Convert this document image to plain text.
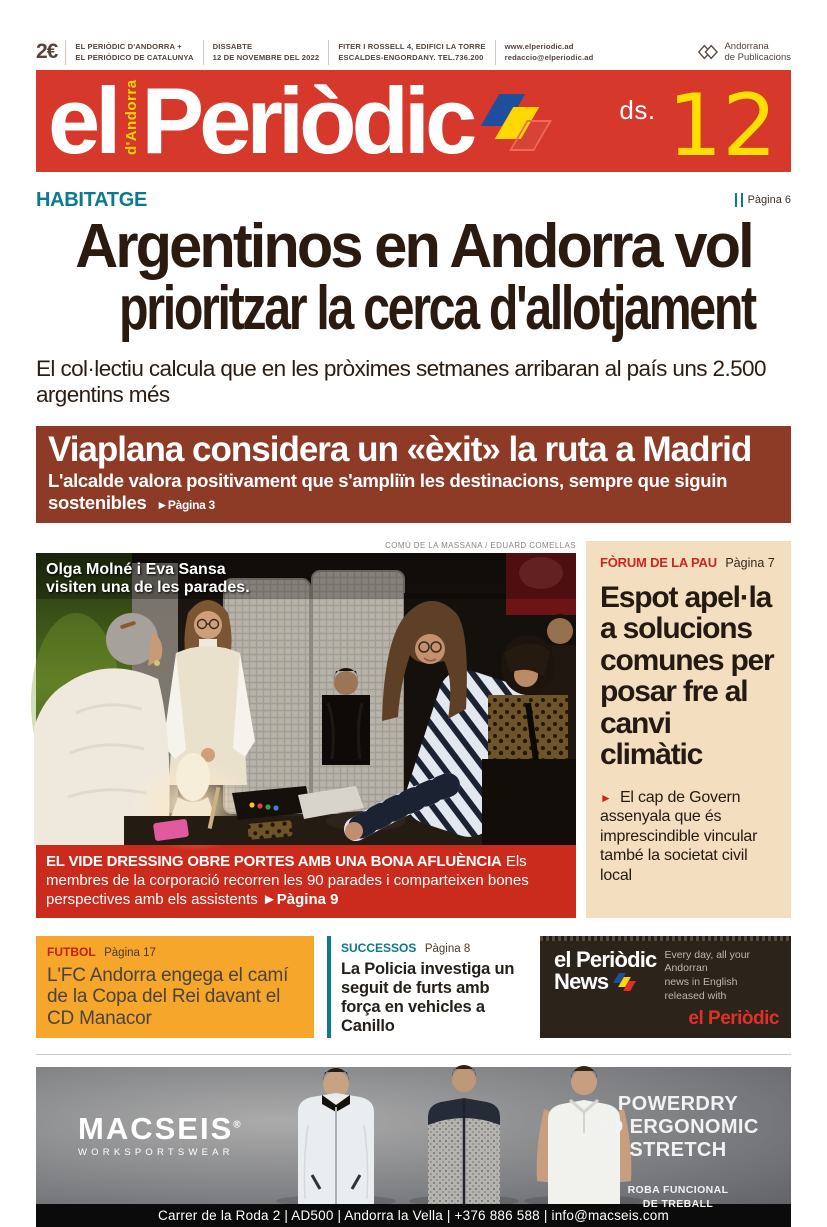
2€ EL PERIÒDIC D'ANDORRA +
EL PERIÓDICO DE CATALUNYA
DISSABTE
12 DE NOVEMBRE DEL 2022
FITER I ROSSELL 4, EDIFICI LA TORRE
ESCALDES-ENGORDANY. TEL.736.200
www.elperiodic.ad
redaccio@elperiodic.ad
Andorrana
de Publicacions
el d'Andorra Periòdic	ds. 12
HABITATGE	Pàgina 6
Argentinos en Andorra vol
prioritzar la cerca d'allotjament
El col·lectiu calcula que en les pròximes setmanes arribaran al país uns 2.500 argentins més
Viaplana considera un «èxit» la ruta a Madrid
L'alcalde valora positivament que s'ampliïn les destinacions, sempre que siguin sostenibles ►Pàgina 3
COMÚ DE LA MASSANA / EDUARD COMELLAS
Olga Molné i Eva Sansa visiten una de les parades.
EL VIDE DRESSING OBRE PORTES AMB UNA BONA AFLUÈNCIA Els membres de la corporació recorren les 90 parades i comparteixen bones perspectives amb els assistents ►Pàgina 9
FÒRUM DE LA PAU Pàgina 7
Espot apel·la a solucions comunes per posar fre al canvi climàtic
► El cap de Govern assenyala que és imprescindible vincular també la societat civil local
FUTBOL Pàgina 17
L'FC Andorra engega el camí de la Copa del Rei davant el CD Manacor
SUCCESSOS Pàgina 8
La Policia investiga un seguit de furts amb força en vehicles a Canillo
el Periòdic
News
Every day, all your Andorran
news in English released with
el Periòdic
MACSEIS®
WORKSPORTSWEAR
POWERDRY
3D ERGONOMIC
STRETCH
ROBA FUNCIONAL
DE TREBALL
Carrer de la Roda 2 | AD500 | Andorra la Vella | +376 886 588 | info@macseis.com
